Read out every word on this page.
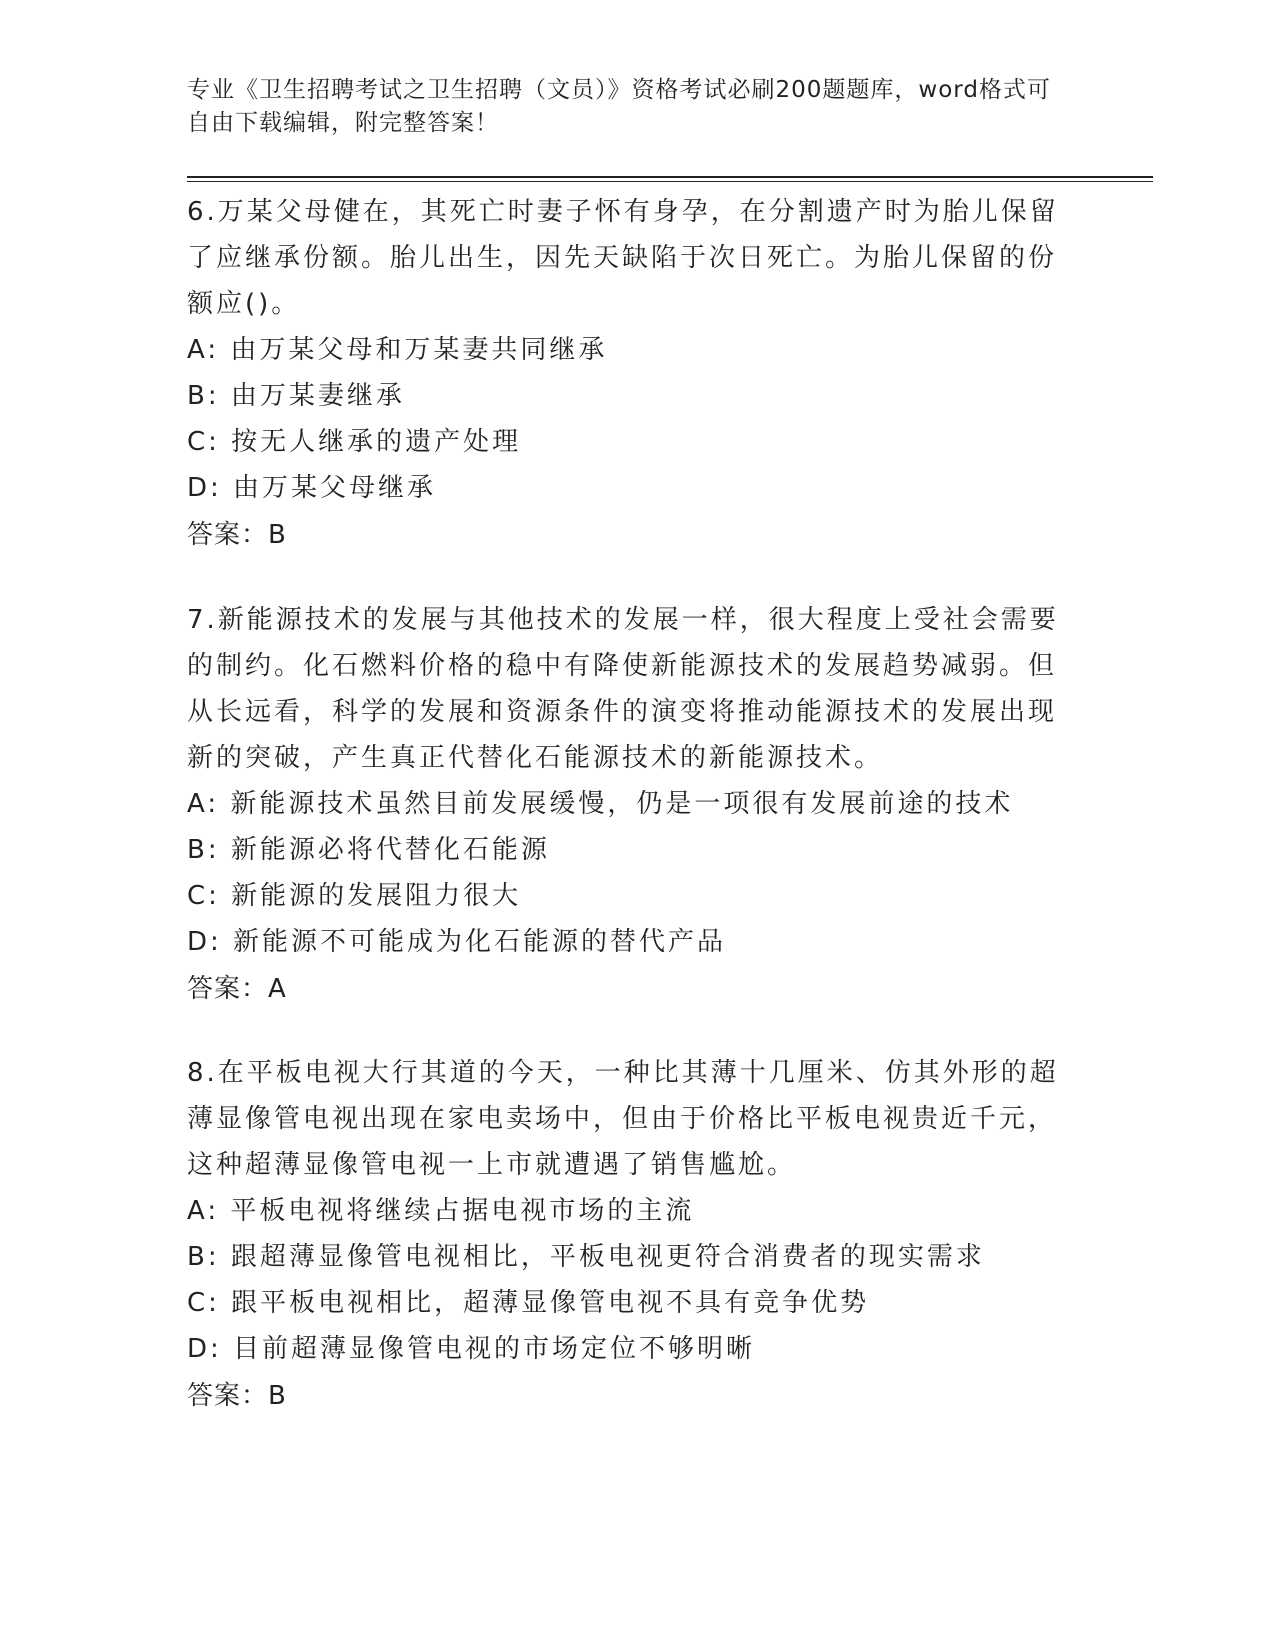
专业《卫生招聘考试之卫生招聘（文员）》资格考试必刷200题题库，word格式可自由下载编辑，附完整答案！
6.万某父母健在，其死亡时妻子怀有身孕，在分割遗产时为胎儿保留了应继承份额。胎儿出生，因先天缺陷于次日死亡。为胎儿保留的份额应()。
A: 由万某父母和万某妻共同继承
B: 由万某妻继承
C: 按无人继承的遗产处理
D: 由万某父母继承
答案：B
7.新能源技术的发展与其他技术的发展一样，很大程度上受社会需要的制约。化石燃料价格的稳中有降使新能源技术的发展趋势减弱。但从长远看，科学的发展和资源条件的演变将推动能源技术的发展出现新的突破，产生真正代替化石能源技术的新能源技术。
A: 新能源技术虽然目前发展缓慢，仍是一项很有发展前途的技术
B: 新能源必将代替化石能源
C: 新能源的发展阻力很大
D: 新能源不可能成为化石能源的替代产品
答案：A
8.在平板电视大行其道的今天，一种比其薄十几厘米、仿其外形的超薄显像管电视出现在家电卖场中，但由于价格比平板电视贵近千元，这种超薄显像管电视一上市就遭遇了销售尴尬。
A: 平板电视将继续占据电视市场的主流
B: 跟超薄显像管电视相比，平板电视更符合消费者的现实需求
C: 跟平板电视相比，超薄显像管电视不具有竞争优势
D: 目前超薄显像管电视的市场定位不够明晰
答案：B
